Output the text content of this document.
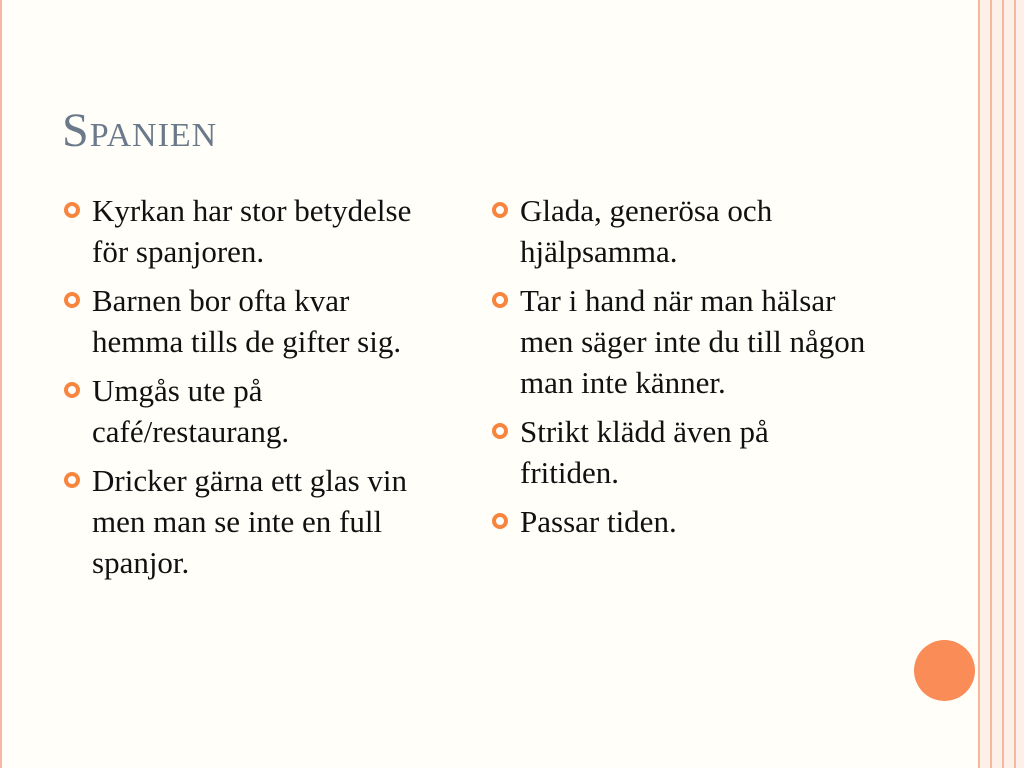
Spanien
Kyrkan har stor betydelse för spanjoren.
Barnen bor ofta kvar hemma tills de gifter sig.
Umgås ute på café/restaurang.
Dricker gärna ett glas vin men man se inte en full spanjor.
Glada, generösa och hjälpsamma.
Tar i hand när man hälsar men säger inte du till någon man inte känner.
Strikt klädd även på fritiden.
Passar tiden.
